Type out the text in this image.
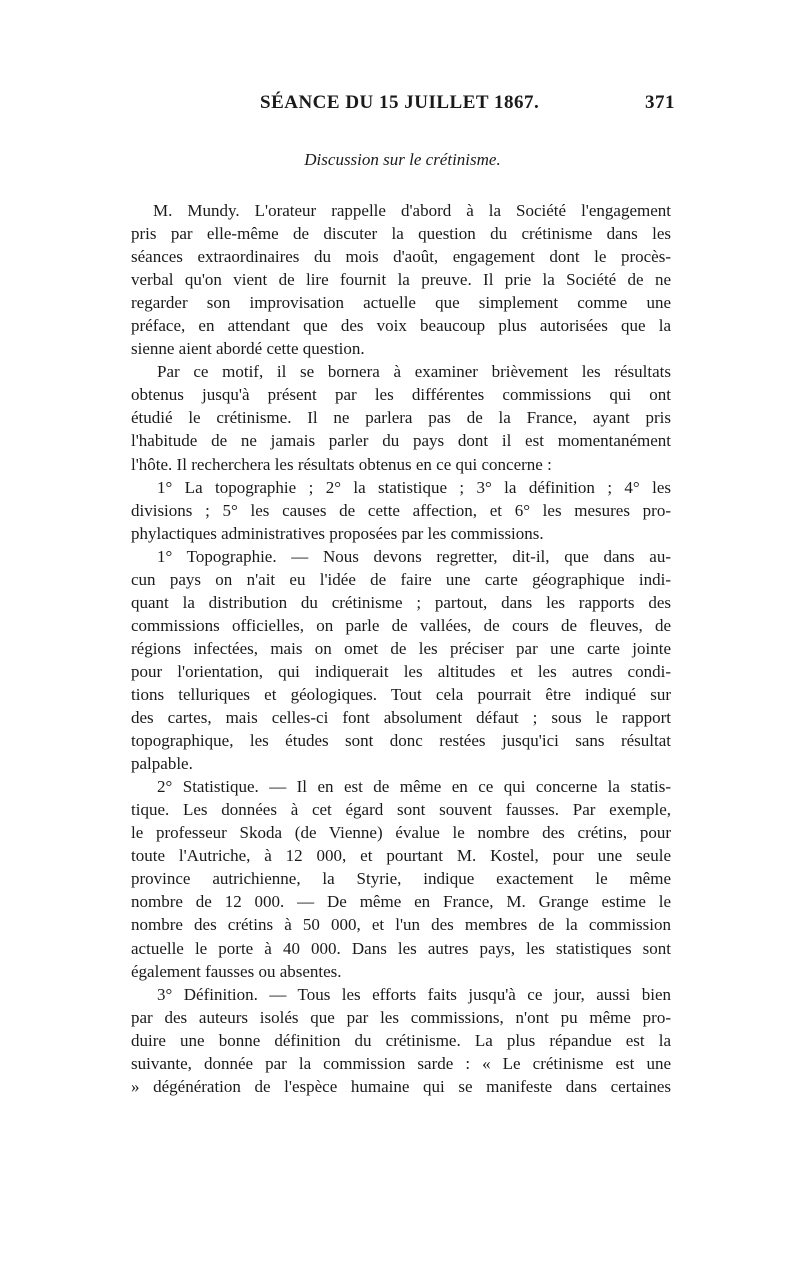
SÉANCE DU 15 JUILLET 1867.	371
Discussion sur le crétinisme.
M. Mundy. L'orateur rappelle d'abord à la Société l'engagement
pris par elle-même de discuter la question du crétinisme dans les
séances extraordinaires du mois d'août, engagement dont le procès-
verbal qu'on vient de lire fournit la preuve. Il prie la Société de ne
regarder son improvisation actuelle que simplement comme une
préface, en attendant que des voix beaucoup plus autorisées que la
sienne aient abordé cette question.
Par ce motif, il se bornera à examiner brièvement les résultats
obtenus jusqu'à présent par les différentes commissions qui ont
étudié le crétinisme. Il ne parlera pas de la France, ayant pris
l'habitude de ne jamais parler du pays dont il est momentanément
l'hôte. Il recherchera les résultats obtenus en ce qui concerne :
1° La topographie ; 2° la statistique ; 3° la définition ; 4° les
divisions ; 5° les causes de cette affection, et 6° les mesures pro-
phylactiques administratives proposées par les commissions.
1° Topographie. — Nous devons regretter, dit-il, que dans au-
cun pays on n'ait eu l'idée de faire une carte géographique indi-
quant la distribution du crétinisme ; partout, dans les rapports des
commissions officielles, on parle de vallées, de cours de fleuves, de
régions infectées, mais on omet de les préciser par une carte jointe
pour l'orientation, qui indiquerait les altitudes et les autres condi-
tions telluriques et géologiques. Tout cela pourrait être indiqué sur
des cartes, mais celles-ci font absolument défaut ; sous le rapport
topographique, les études sont donc restées jusqu'ici sans résultat
palpable.
2° Statistique. — Il en est de même en ce qui concerne la statis-
tique. Les données à cet égard sont souvent fausses. Par exemple,
le professeur Skoda (de Vienne) évalue le nombre des crétins, pour
toute l'Autriche, à 12 000, et pourtant M. Kostel, pour une seule
province autrichienne, la Styrie, indique exactement le même
nombre de 12 000. — De même en France, M. Grange estime le
nombre des crétins à 50 000, et l'un des membres de la commission
actuelle le porte à 40 000. Dans les autres pays, les statistiques sont
également fausses ou absentes.
3° Définition. — Tous les efforts faits jusqu'à ce jour, aussi bien
par des auteurs isolés que par les commissions, n'ont pu même pro-
duire une bonne définition du crétinisme. La plus répandue est la
suivante, donnée par la commission sarde : « Le crétinisme est une
» dégénération de l'espèce humaine qui se manifeste dans certaines
